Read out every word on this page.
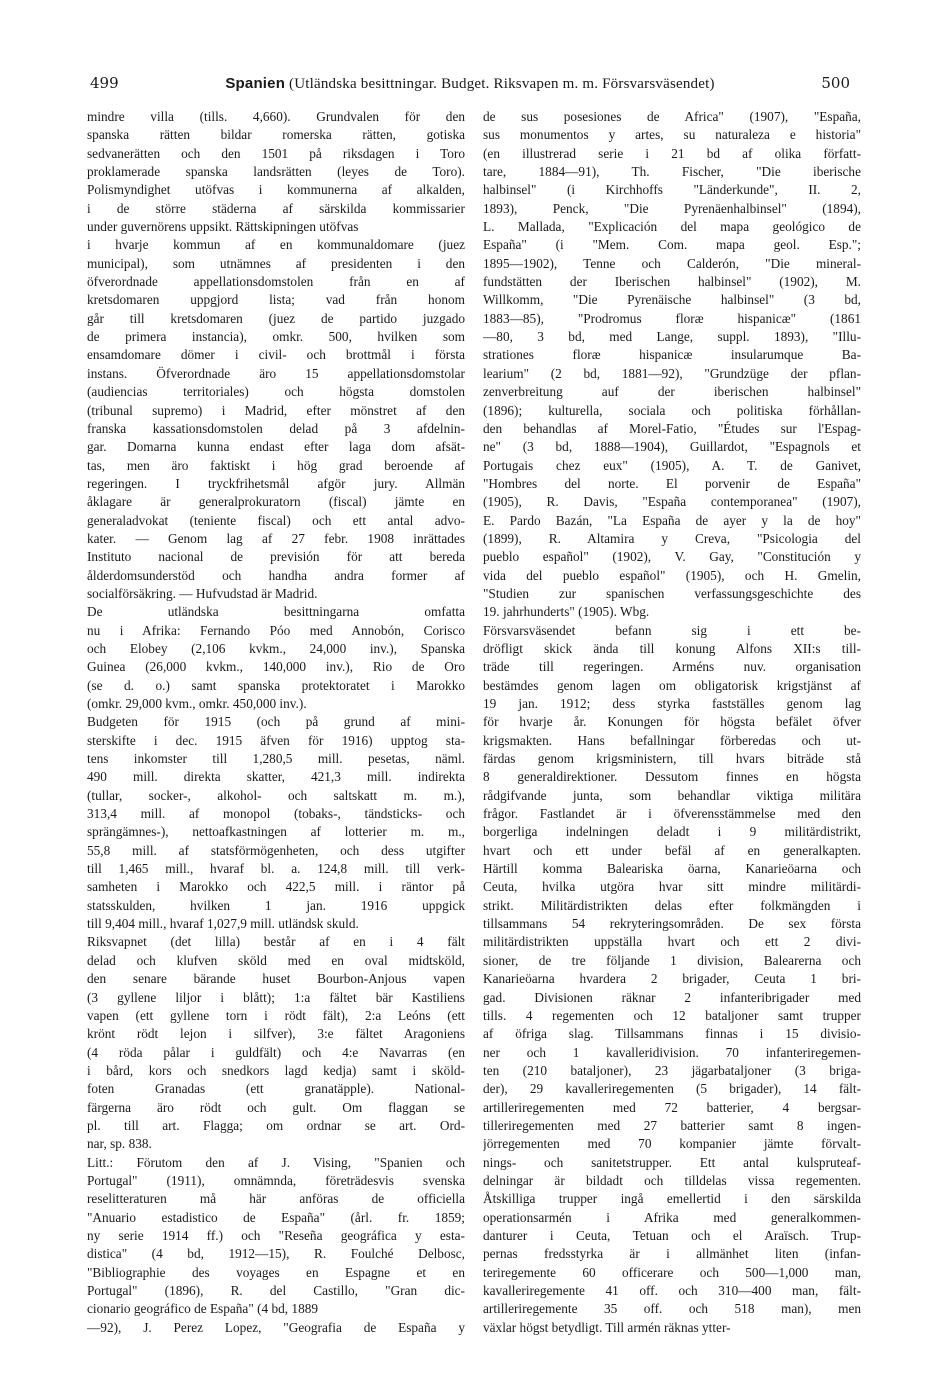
499	Spanien (Utländska besittningar. Budget. Riksvapen m. m. Försvarsväsendet)	500
mindre villa (tills. 4,660). Grundvalen för den
spanska rätten bildar romerska rätten, gotiska
sedvanerätten och den 1501 på riksdagen i Toro
proklamerade spanska landsrätten (leyes de Toro).
Polismyndighet utöfvas i kommunerna af alkalden,
i de större städerna af särskilda kommissarier
under guvernörens uppsikt. Rättskipningen utöfvas
i hvarje kommun af en kommunaldomare (juez
municipal), som utnämnes af presidenten i den
öfverordnade appellationsdomstolen från en af
kretsdomaren uppgjord lista; vad från honom
går till kretsdomaren (juez de partido juzgado
de primera instancia), omkr. 500, hvilken som
ensamdomare dömer i civil- och brottmål i första
instans. Öfverordnade äro 15 appellationsdomstolar
(audiencias territoriales) och högsta domstolen
(tribunal supremo) i Madrid, efter mönstret af den
franska kassationsdomstolen delad på 3 afdelnin-
gar. Domarna kunna endast efter laga dom afsät-
tas, men äro faktiskt i hög grad beroende af
regeringen. I tryckfrihetsmål afgör jury. Allmän
åklagare är generalprokuratorn (fiscal) jämte en
generaladvokat (teniente fiscal) och ett antal advo-
kater. — Genom lag af 27 febr. 1908 inrättades
Instituto nacional de previsión för att bereda
ålderdomsunderstöd och handha andra former af
socialförsäkring. — Hufvudstad är Madrid.
De utländska besittningarna omfatta
nu i Afrika: Fernando Póo med Annobón, Corisco
och Elobey (2,106 kvkm., 24,000 inv.), Spanska
Guinea (26,000 kvkm., 140,000 inv.), Rio de Oro
(se d. o.) samt spanska protektoratet i Marokko
(omkr. 29,000 kvm., omkr. 450,000 inv.).
Budgeten för 1915 (och på grund af mini-
sterskifte i dec. 1915 äfven för 1916) upptog sta-
tens inkomster till 1,280,5 mill. pesetas, näml.
490 mill. direkta skatter, 421,3 mill. indirekta
(tullar, socker-, alkohol- och saltskatt m. m.),
313,4 mill. af monopol (tobaks-, tändsticks- och
sprängämnes-), nettoafkastningen af lotterier m. m.,
55,8 mill. af statsförmögenheten, och dess utgifter
till 1,465 mill., hvaraf bl. a. 124,8 mill. till verk-
samheten i Marokko och 422,5 mill. i räntor på
statsskulden, hvilken 1 jan. 1916 uppgick
till 9,404 mill., hvaraf 1,027,9 mill. utländsk skuld.
Riksvapnet (det lilla) består af en i 4 fält
delad och klufven sköld med en oval midtsköld,
den senare bärande huset Bourbon-Anjous vapen
(3 gyllene liljor i blått); 1:a fältet bär Kastiliens
vapen (ett gyllene torn i rödt fält), 2:a Leóns (ett
krönt rödt lejon i silfver), 3:e fältet Aragoniens
(4 röda pålar i guldfält) och 4:e Navarras (en
i bård, kors och snedkors lagd kedja) samt i sköld-
foten Granadas (ett granatäpple). National-
färgerna äro rödt och gult. Om flaggan se
pl. till art. Flagga; om ordnar se art. Ord-
nar, sp. 838.
Litt.: Förutom den af J. Vising, "Spanien och
Portugal" (1911), omnämnda, företrädesvis svenska
reselitteraturen må här anföras de officiella
"Anuario estadistico de España" (årl. fr. 1859;
ny serie 1914 ff.) och "Reseña geográfica y esta-
distica" (4 bd, 1912—15), R. Foulché Delbosc,
"Bibliographie des voyages en Espagne et en
Portugal" (1896), R. del Castillo, "Gran dic-
cionario geográfico de España" (4 bd, 1889
—92), J. Perez Lopez, "Geografia de España y
de sus posesiones de Africa" (1907), "España,
sus monumentos y artes, su naturaleza e historia"
(en illustrerad serie i 21 bd af olika författ-
tare, 1884—91), Th. Fischer, "Die iberische
halbinsel" (i Kirchhoffs "Länderkunde", II. 2,
1893), Penck, "Die Pyrenäenhalbinsel" (1894),
L. Mallada, "Explicación del mapa geológico de
España" (i "Mem. Com. mapa geol. Esp.";
1895—1902), Tenne och Calderón, "Die mineral-
fundstätten der Iberischen halbinsel" (1902), M.
Willkomm, "Die Pyrenäische halbinsel" (3 bd,
1883—85), "Prodromus floræ hispanicæ" (1861
—80, 3 bd, med Lange, suppl. 1893), "Illu-
strationes floræ hispanicæ insularumque Ba-
learium" (2 bd, 1881—92), "Grundzüge der pflan-
zenverbreitung auf der iberischen halbinsel"
(1896); kulturella, sociala och politiska förhållan-
den behandlas af Morel-Fatio, "Études sur l'Espag-
ne" (3 bd, 1888—1904), Guillardot, "Espagnols et
Portugais chez eux" (1905), A. T. de Ganivet,
"Hombres del norte. El porvenir de España"
(1905), R. Davis, "España contemporanea" (1907),
E. Pardo Bazán, "La España de ayer y la de hoy"
(1899), R. Altamira y Creva, "Psicologia del
pueblo español" (1902), V. Gay, "Constitución y
vida del pueblo español" (1905), och H. Gmelin,
"Studien zur spanischen verfassungsgeschichte des
19. jahrhunderts" (1905). Wbg.
Försvarsväsendet befann sig i ett be-
dröfligt skick ända till konung Alfons XII:s till-
träde till regeringen. Arméns nuv. organisation
bestämdes genom lagen om obligatorisk krigstjänst af
19 jan. 1912; dess styrka fastställes genom lag
för hvarje år. Konungen för högsta befälet öfver
krigsmakten. Hans befallningar förberedas och ut-
färdas genom krigsministern, till hvars biträde stå
8 generaldirektioner. Dessutom finnes en högsta
rådgifvande junta, som behandlar viktiga militära
frågor. Fastlandet är i öfverensstämmelse med den
borgerliga indelningen deladt i 9 militärdistrikt,
hvart och ett under befäl af en generalkapten.
Härtill komma Baleariska öarna, Kanarieöarna och
Ceuta, hvilka utgöra hvar sitt mindre militärdi-
strikt. Militärdistrikten delas efter folkmängden i
tillsammans 54 rekryteringsområden. De sex första
militärdistrikten uppställa hvart och ett 2 divi-
sioner, de tre följande 1 division, Balearerna och
Kanarieöarna hvardera 2 brigader, Ceuta 1 bri-
gad. Divisionen räknar 2 infanteribrigader med
tills. 4 regementen och 12 bataljoner samt trupper
af öfriga slag. Tillsammans finnas i 15 divisio-
ner och 1 kavalleridivision. 70 infanteriregemen-
ten (210 bataljoner), 23 jägarbataljoner (3 briga-
der), 29 kavalleriregementen (5 brigader), 14 fält-
artilleriregementen med 72 batterier, 4 bergsar-
tilleriregementen med 27 batterier samt 8 ingen-
jörregementen med 70 kompanier jämte förvalt-
nings- och sanitetstrupper. Ett antal kulspruteaf-
delningar är bildadt och tilldelas vissa regementen.
Åtskilliga trupper ingå emellertid i den särskilda
operationsarmén i Afrika med generalkommen-
danturer i Ceuta, Tetuan och el Araïsch. Trup-
pernas fredsstyrka är i allmänhet liten (infan-
teriregemente 60 officerare och 500—1,000 man,
kavalleriregemente 41 off. och 310—400 man, fält-
artilleriregemente 35 off. och 518 man), men
växlar högst betydligt. Till armén räknas ytter-
